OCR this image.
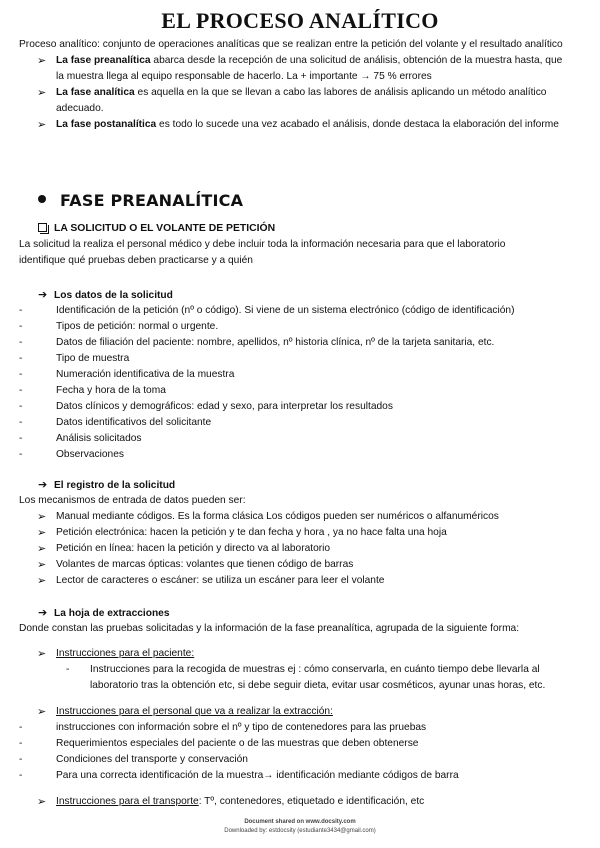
EL PROCESO ANALÍTICO
Proceso analítico: conjunto de operaciones analíticas que se realizan entre la petición del volante y el resultado analítico
➢ La fase preanalítica abarca desde la recepción de una solicitud de análisis, obtención de la muestra hasta, que
la muestra llega al equipo responsable de hacerlo. La + importante → 75 % errores
➢ La fase analítica es aquella en la que se llevan a cabo las labores de análisis aplicando un método analítico
adecuado.
➢ La fase postanalítica es todo lo sucede una vez acabado el análisis, donde destaca la elaboración del informe
FASE PREANALÍTICA
LA SOLICITUD O EL VOLANTE DE PETICIÓN
La solicitud la realiza el personal médico y debe incluir toda la información necesaria para que el laboratorio
identifique qué pruebas deben practicarse y a quién
➔ Los datos de la solicitud
-	Identificación de la petición (nº o código). Si viene de un sistema electrónico (código de identificación)
-	Tipos de petición: normal o urgente.
-	Datos de filiación del paciente: nombre, apellidos, nº historia clínica, nº de la tarjeta sanitaria, etc.
-	Tipo de muestra
-	Numeración identificativa de la muestra
-	Fecha y hora de la toma
-	Datos clínicos y demográficos: edad y sexo, para interpretar los resultados
-	Datos identificativos del solicitante
-	Análisis solicitados
-	Observaciones
➔ El registro de la solicitud
Los mecanismos de entrada de datos pueden ser:
➢ Manual mediante códigos. Es la forma clásica Los códigos pueden ser numéricos o alfanuméricos
➢ Petición electrónica: hacen la petición y te dan fecha y hora , ya no hace falta una hoja
➢ Petición en línea: hacen la petición y directo va al laboratorio
➢ Volantes de marcas ópticas: volantes que tienen código de barras
➢ Lector de caracteres o escáner: se utiliza un escáner para leer el volante
➔ La hoja de extracciones
Donde constan las pruebas solicitadas y la información de la fase preanalítica, agrupada de la siguiente forma:
➢ Instrucciones para el paciente:
-	Instrucciones para la recogida de muestras ej : cómo conservarla, en cuánto tiempo debe llevarla al
laboratorio tras la obtención etc, si debe seguir dieta, evitar usar cosméticos, ayunar unas horas, etc.
➢ Instrucciones para el personal que va a realizar la extracción:
-	instrucciones con información sobre el nº y tipo de contenedores para las pruebas
-	Requerimientos especiales del paciente o de las muestras que deben obtenerse
-	Condiciones del transporte y conservación
-	Para una correcta identificación de la muestra→ identificación mediante códigos de barra
➢ Instrucciones para el transporte: Tº, contenedores, etiquetado e identificación, etc
Document shared on www.docsity.com
Downloaded by: estdocsity (estudiante3434@gmail.com)
